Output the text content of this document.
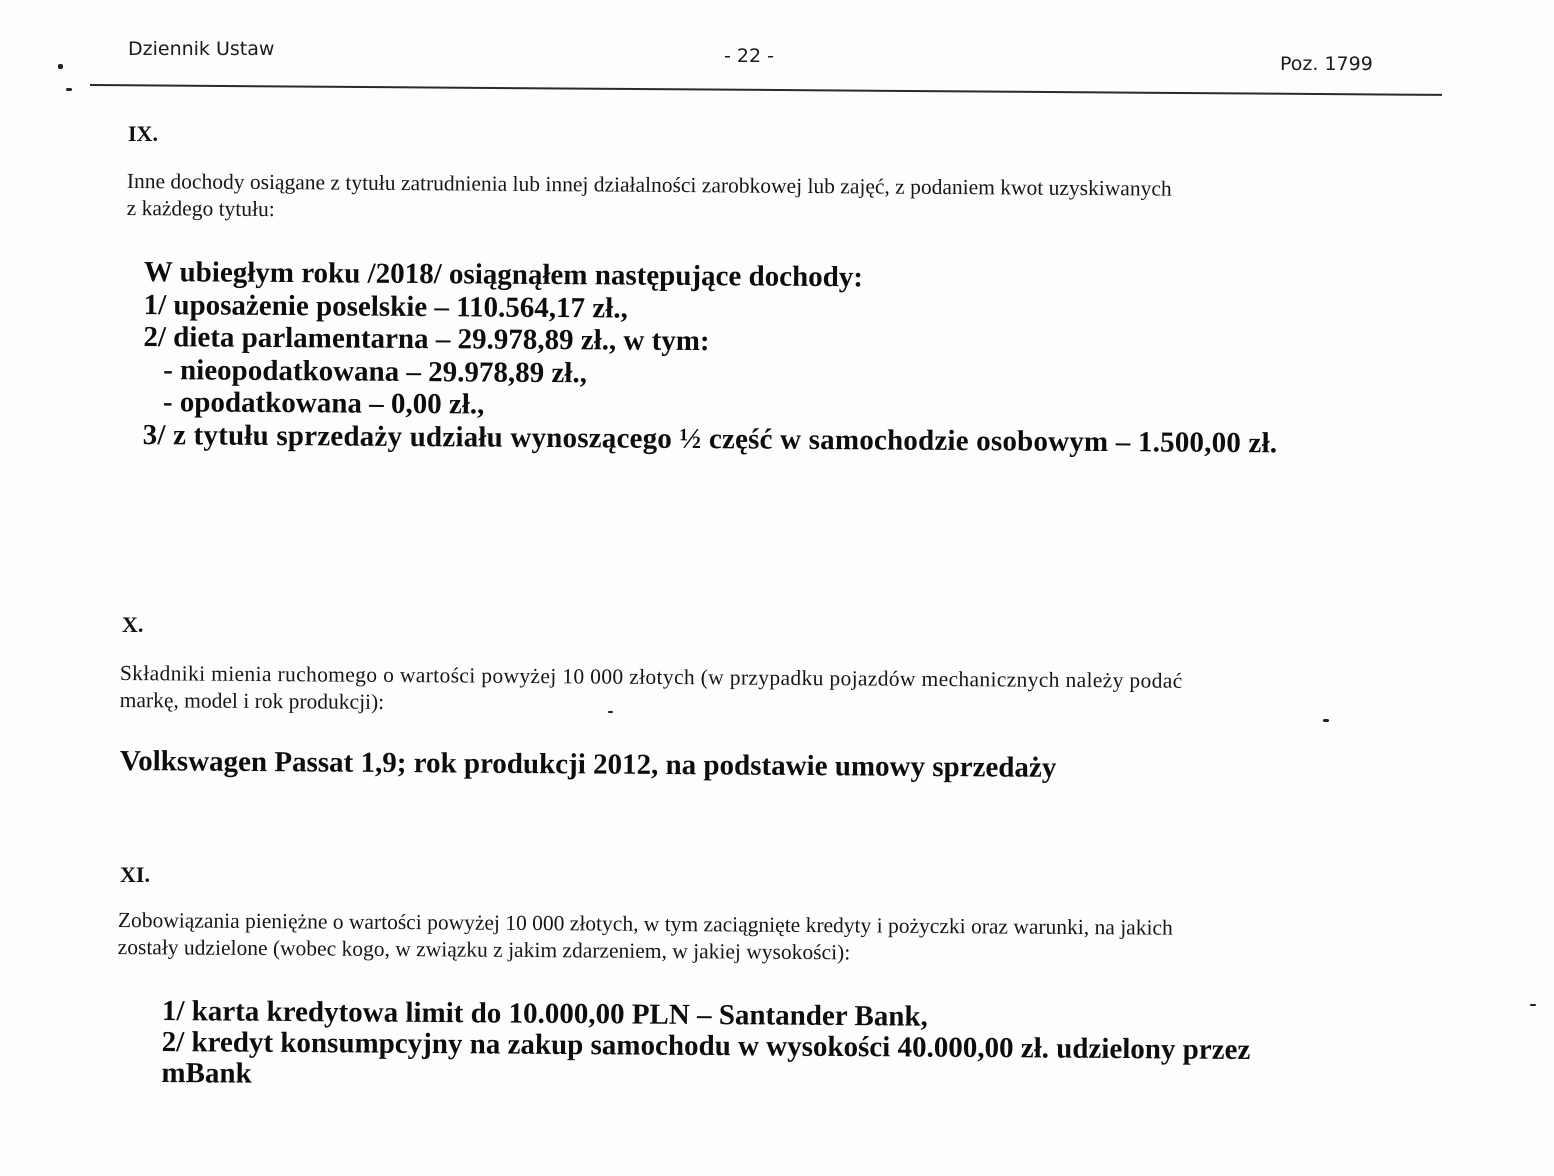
Dziennik Ustaw	- 22 -	Poz. 1799
IX.
Inne dochody osiągane z tytułu zatrudnienia lub innej działalności zarobkowej lub zajęć, z podaniem kwot uzyskiwanych
z każdego tytułu:
W ubiegłym roku /2018/ osiągnąłem następujące dochody:
1/ uposażenie poselskie – 110.564,17 zł.,
2/ dieta parlamentarna – 29.978,89 zł., w tym:
- nieopodatkowana – 29.978,89 zł.,
- opodatkowana – 0,00 zł.,
3/ z tytułu sprzedaży udziału wynoszącego ½ część w samochodzie osobowym – 1.500,00 zł.
X.
Składniki mienia ruchomego o wartości powyżej 10 000 złotych (w przypadku pojazdów mechanicznych należy podać
markę, model i rok produkcji):
Volkswagen Passat 1,9; rok produkcji 2012, na podstawie umowy sprzedaży
XI.
Zobowiązania pieniężne o wartości powyżej 10 000 złotych, w tym zaciągnięte kredyty i pożyczki oraz warunki, na jakich
zostały udzielone (wobec kogo, w związku z jakim zdarzeniem, w jakiej wysokości):
1/ karta kredytowa limit do 10.000,00 PLN – Santander Bank,
2/ kredyt konsumpcyjny na zakup samochodu w wysokości 40.000,00 zł. udzielony przez
mBank
